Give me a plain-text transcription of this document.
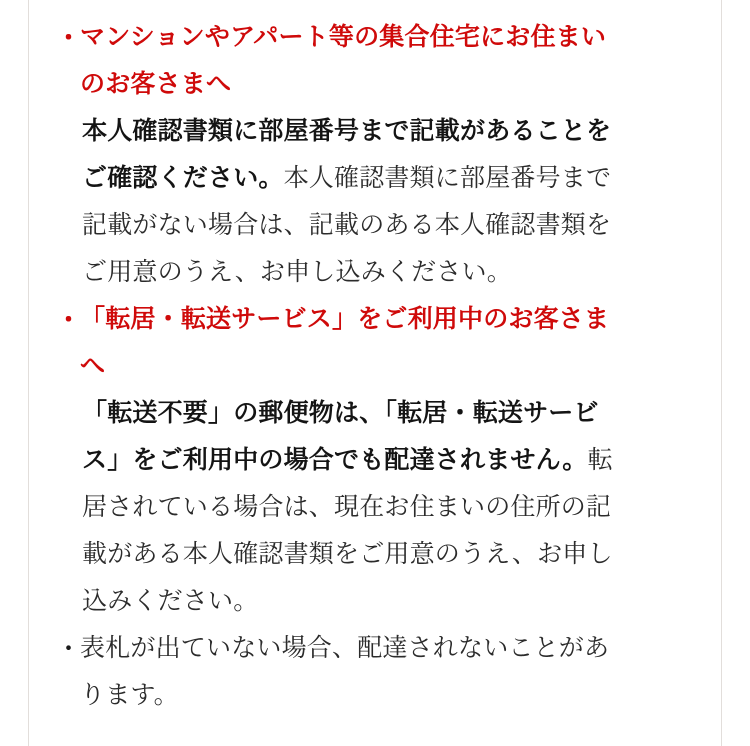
・
マンションやアパート等の集合住宅にお住まい
のお客さまへ
本人確認書類に部屋番号まで記載があることを
ご確認ください。本人確認書類に部屋番号まで
記載がない場合は、記載のある本人確認書類を
ご用意のうえ、お申し込みください。
・
「転居・転送サービス」をご利用中のお客さま
へ
「転送不要」の郵便物は、「転居・転送サービ
ス」をご利用中の場合でも配達されません。転
居されている場合は、現在お住まいの住所の記
載がある本人確認書類をご用意のうえ、お申し
込みください。
・
表札が出ていない場合、配達されないことがあ
ります。
